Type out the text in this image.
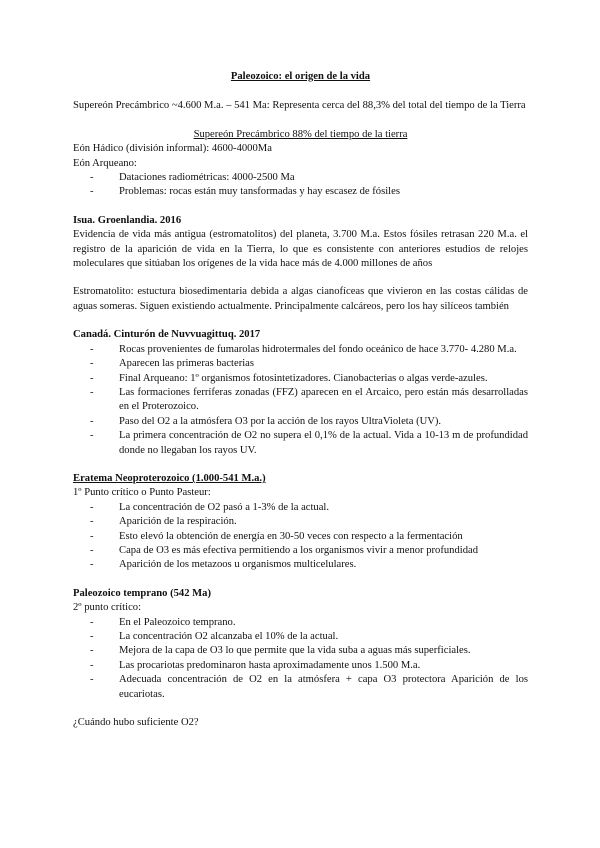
Paleozoico: el origen de la vida

Supereón Precámbrico ~4.600 M.a. – 541 Ma: Representa cerca del 88,3% del total del tiempo de la Tierra

Supereón Precámbrico 88% del tiempo de la tierra

Eón Hádico (división informal): 4600-4000Ma

Eón Arqueano:

- Dataciones radiométricas: 4000-2500 Ma
- Problemas: rocas están muy tansformadas y hay escasez de fósiles

Isua. Groenlandia. 2016

Evidencia de vida más antigua (estromatolitos) del planeta, 3.700 M.a. Estos fósiles retrasan 220 M.a. el registro de la aparición de vida en la Tierra, lo que es consistente con anteriores estudios de relojes moleculares que sitúaban los orígenes de la vida hace más de 4.000 millones de años

Estromatolito: estuctura biosedimentaria debida a algas cianofíceas que vivieron en las costas cálidas de aguas someras. Siguen existiendo actualmente. Principalmente calcáreos, pero los hay silíceos también

Canadá. Cinturón de Nuvvuagittuq. 2017

- Rocas provenientes de fumarolas hidrotermales del fondo oceánico de hace 3.770- 4.280 M.a.
- Aparecen las primeras bacterias
- Final Arqueano: 1º organismos fotosintetizadores. Cianobacterias o algas verde-azules.
- Las formaciones ferríferas zonadas (FFZ) aparecen en el Arcaico, pero están más desarrolladas en el Proterozoico.
- Paso del O2 a la atmósfera O3 por la acción de los rayos UltraVioleta (UV).
- La primera concentración de O2 no supera el 0,1% de la actual. Vida a 10-13 m de profundidad donde no llegaban los rayos UV.

Eratema Neoproterozoico (1.000-541 M.a.)

1º Punto crítico o Punto Pasteur:

- La concentración de O2 pasó a 1-3% de la actual.
- Aparición de la respiración.
- Esto elevó la obtención de energía en 30-50 veces con respecto a la fermentación
- Capa de O3 es más efectiva permitiendo a los organismos vivir a menor profundidad
- Aparición de los metazoos u organismos multicelulares.

Paleozoico temprano (542 Ma)

2º punto crítico:

- En el Paleozoico temprano.
- La concentración O2 alcanzaba el 10% de la actual.
- Mejora de la capa de O3 lo que permite que la vida suba a aguas más superficiales.
- Las procariotas predominaron hasta aproximadamente unos 1.500 M.a.
- Adecuada concentración de O2 en la atmósfera + capa O3 protectora Aparición de los eucariotas.

¿Cuándo hubo suficiente O2?
